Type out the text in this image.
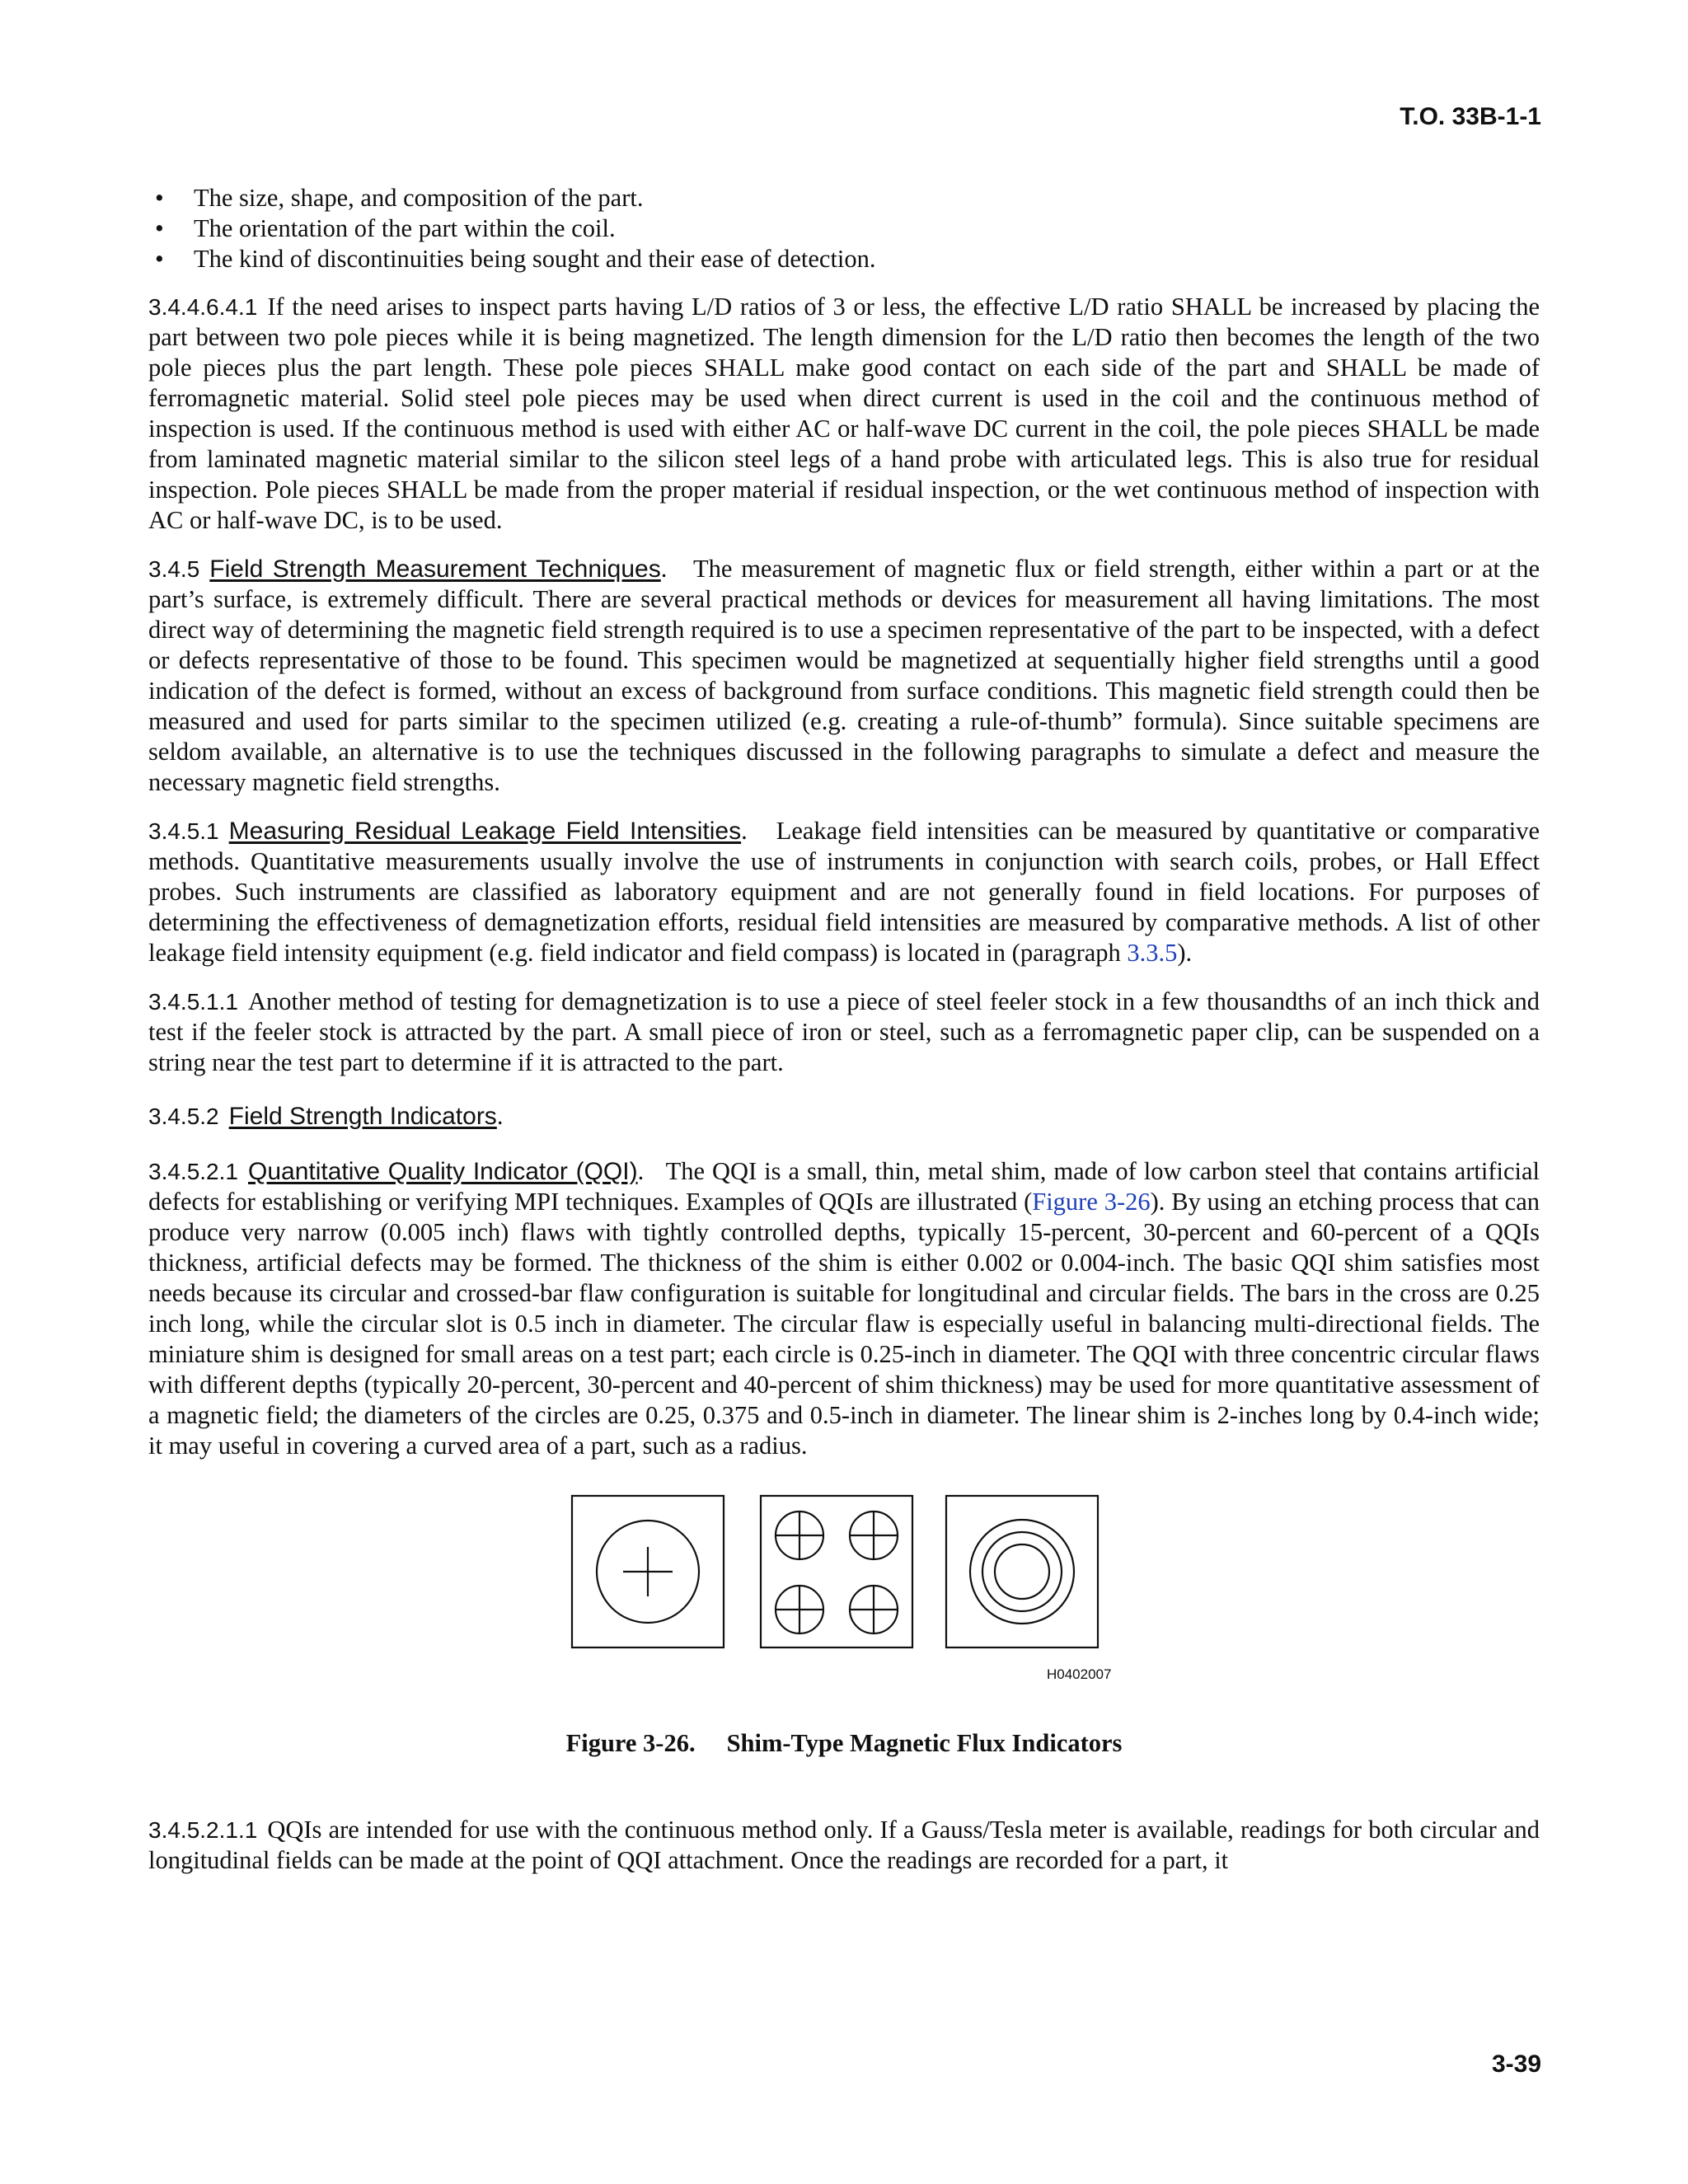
T.O. 33B-1-1
• The size, shape, and composition of the part.
• The orientation of the part within the coil.
• The kind of discontinuities being sought and their ease of detection.

3.4.4.6.4.1 If the need arises to inspect parts having L/D ratios of 3 or less, the effective L/D ratio SHALL be increased by placing the part between two pole pieces while it is being magnetized. The length dimension for the L/D ratio then becomes the length of the two pole pieces plus the part length. These pole pieces SHALL make good contact on each side of the part and SHALL be made of ferromagnetic material. Solid steel pole pieces may be used when direct current is used in the coil and the continuous method of inspection is used. If the continuous method is used with either AC or half-wave DC current in the coil, the pole pieces SHALL be made from laminated magnetic material similar to the silicon steel legs of a hand probe with articulated legs. This is also true for residual inspection. Pole pieces SHALL be made from the proper material if residual inspection, or the wet continuous method of inspection with AC or half-wave DC, is to be used.

3.4.5 Field Strength Measurement Techniques. The measurement of magnetic flux or field strength, either within a part or at the part’s surface, is extremely difficult. There are several practical methods or devices for measurement all having limitations. The most direct way of determining the magnetic field strength required is to use a specimen representative of the part to be inspected, with a defect or defects representative of those to be found. This specimen would be magnetized at sequentially higher field strengths until a good indication of the defect is formed, without an excess of background from surface conditions. This magnetic field strength could then be measured and used for parts similar to the specimen utilized (e.g. creating a rule-of-thumb” formula). Since suitable specimens are seldom available, an alternative is to use the techniques discussed in the following paragraphs to simulate a defect and measure the necessary magnetic field strengths.

3.4.5.1 Measuring Residual Leakage Field Intensities.   Leakage field intensities can be measured by quantitative or comparative methods. Quantitative measurements usually involve the use of instruments in conjunction with search coils, probes, or Hall Effect probes. Such instruments are classified as laboratory equipment and are not generally found in field locations. For purposes of determining the effectiveness of demagnetization efforts, residual field intensities are measured by comparative methods. A list of other leakage field intensity equipment (e.g. field indicator and field compass) is located in (paragraph 3.3.5).

3.4.5.1.1 Another method of testing for demagnetization is to use a piece of steel feeler stock in a few thousandths of an inch thick and test if the feeler stock is attracted by the part. A small piece of iron or steel, such as a ferromagnetic paper clip, can be suspended on a string near the test part to determine if it is attracted to the part.

3.4.5.2 Field Strength Indicators.

3.4.5.2.1 Quantitative Quality Indicator (QQI).   The QQI is a small, thin, metal shim, made of low carbon steel that contains artificial defects for establishing or verifying MPI techniques. Examples of QQIs are illustrated (Figure 3-26). By using an etching process that can produce very narrow (0.005 inch) flaws with tightly controlled depths, typically 15-percent, 30-percent and 60-percent of a QQIs thickness, artificial defects may be formed. The thickness of the shim is either 0.002 or 0.004-inch. The basic QQI shim satisfies most needs because its circular and crossed-bar flaw configuration is suitable for longitudinal and circular fields. The bars in the cross are 0.25 inch long, while the circular slot is 0.5 inch in diameter. The circular flaw is especially useful in balancing multi-directional fields. The miniature shim is designed for small areas on a test part; each circle is 0.25-inch in diameter. The QQI with three concentric circular flaws with different depths (typically 20-percent, 30-percent and 40-percent of shim thickness) may be used for more quantitative assessment of a magnetic field; the diameters of the circles are 0.25, 0.375 and 0.5-inch in diameter. The linear shim is 2-inches long by 0.4-inch wide; it may useful in covering a curved area of a part, such as a radius.

H0402007
Figure 3-26. Shim-Type Magnetic Flux Indicators

3.4.5.2.1.1 QQIs are intended for use with the continuous method only. If a Gauss/Tesla meter is available, readings for both circular and longitudinal fields can be made at the point of QQI attachment. Once the readings are recorded for a part, it

3-39
